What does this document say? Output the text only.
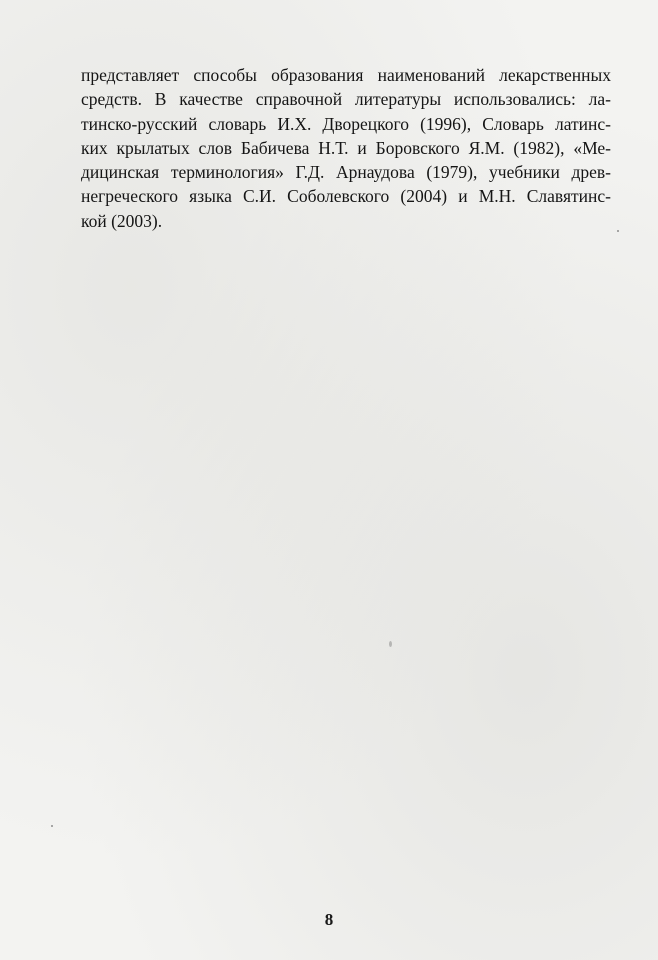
представляет способы образования наименований лекарственных
средств. В качестве справочной литературы использовались: ла-
тинско-русский словарь И.Х. Дворецкого (1996), Словарь латинс-
ких крылатых слов Бабичева Н.Т. и Боровского Я.М. (1982), «Ме-
дицинская терминология» Г.Д. Арнаудова (1979), учебники древ-
негреческого языка С.И. Соболевского (2004) и М.Н. Славятинс-
кой (2003).
8
